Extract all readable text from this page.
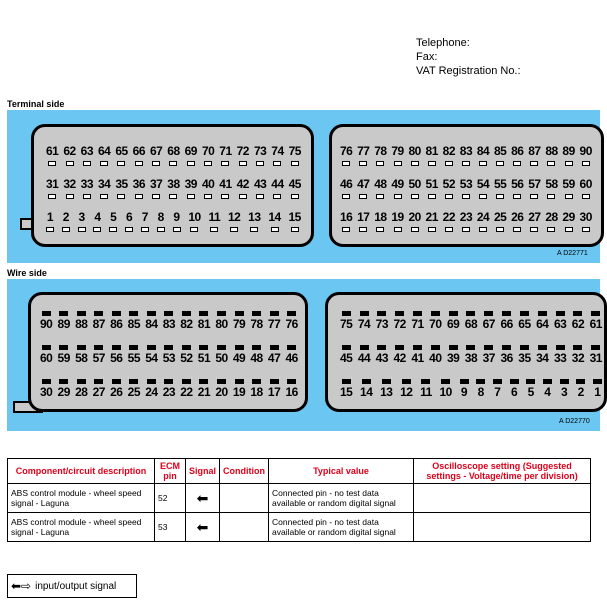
Telephone:
Fax:
VAT Registration No.:
Terminal side
61 62 63 64 65 66 67 68 69 70 71 72 73 74 75
31 32 33 34 35 36 37 38 39 40 41 42 43 44 45
1 2 3 4 5 6 7 8 9 10 11 12 13 14 15
76 77 78 79 80 81 82 83 84 85 86 87 88 89 90
46 47 48 49 50 51 52 53 54 55 56 57 58 59 60
16 17 18 19 20 21 22 23 24 25 26 27 28 29 30
A D22771
Wire side
90 89 88 87 86 85 84 83 82 81 80 79 78 77 76
60 59 58 57 56 55 54 53 52 51 50 49 48 47 46
30 29 28 27 26 25 24 23 22 21 20 19 18 17 16
75 74 73 72 71 70 69 68 67 66 65 64 63 62 61
45 44 43 42 41 40 39 38 37 36 35 34 33 32 31
15 14 13 12 11 10 9 8 7 6 5 4 3 2 1
A D22770
Component/circuit description	ECM pin	Signal	Condition	Typical value	Oscilloscope setting (Suggested settings - Voltage/time per division)
ABS control module - wheel speed signal - Laguna	52	⬅		Connected pin - no test data available or random digital signal	
ABS control module - wheel speed signal - Laguna	53	⬅		Connected pin - no test data available or random digital signal	
⬅⇨ input/output signal
